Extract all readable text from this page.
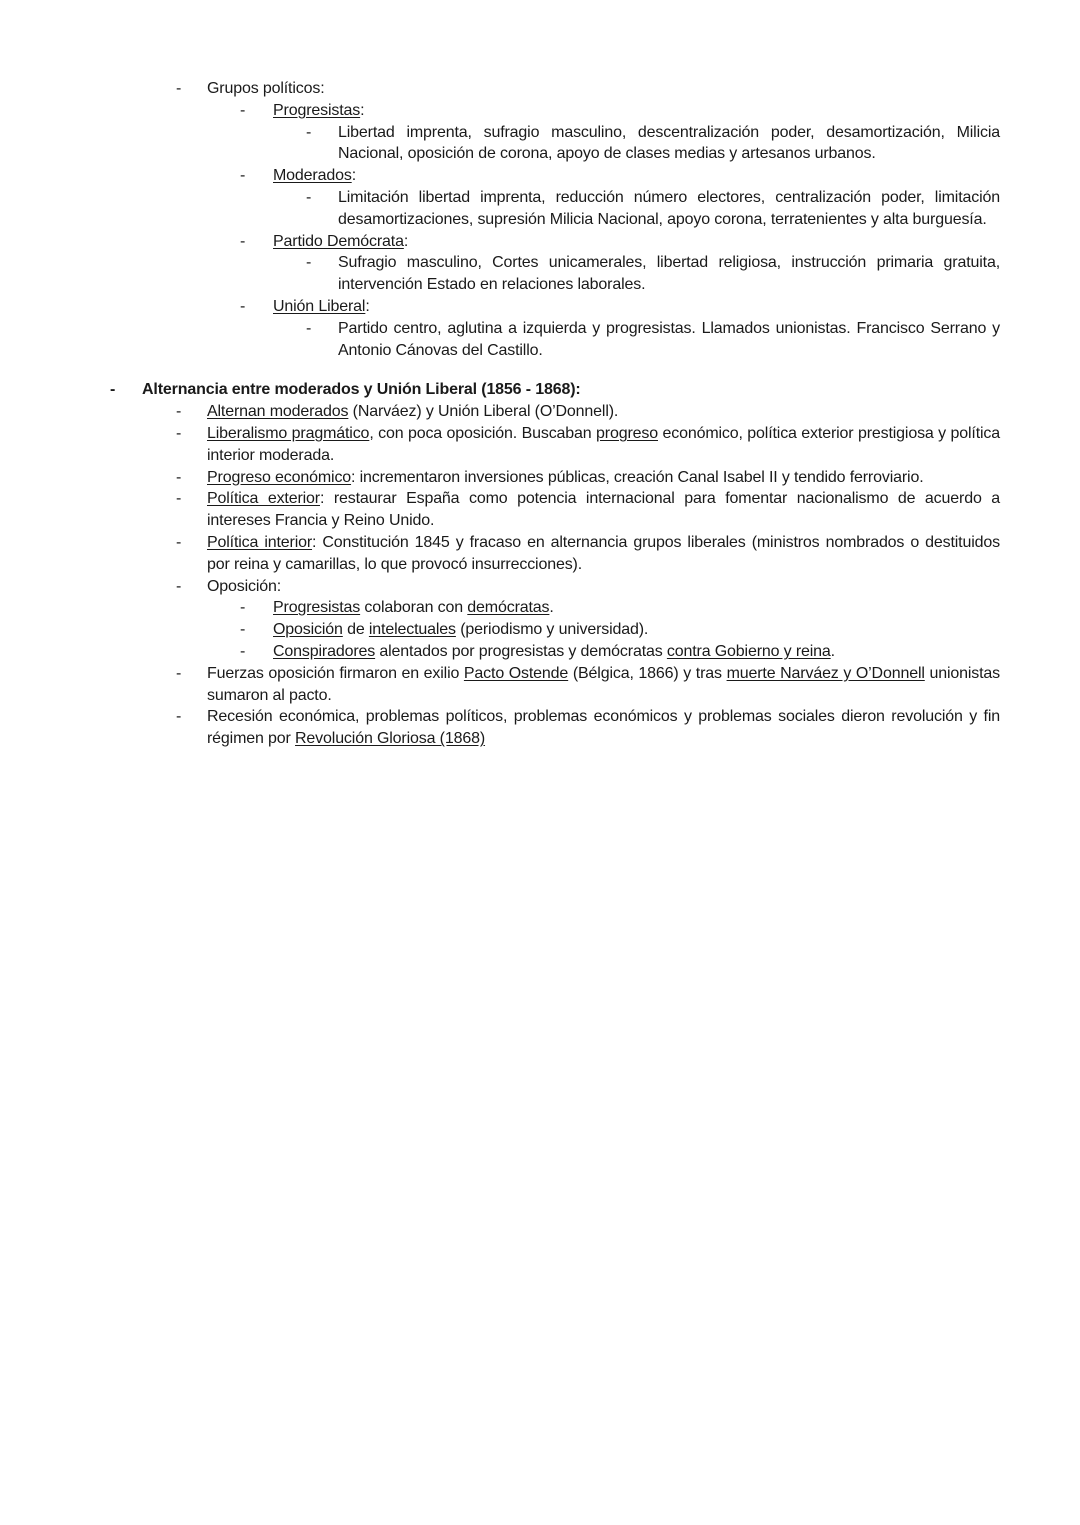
- Grupos políticos:
- Progresistas:
- Libertad imprenta, sufragio masculino, descentralización poder, desamortización, Milicia Nacional, oposición de corona, apoyo de clases medias y artesanos urbanos.
- Moderados:
- Limitación libertad imprenta, reducción número electores, centralización poder, limitación desamortizaciones, supresión Milicia Nacional, apoyo corona, terratenientes y alta burguesía.
- Partido Demócrata:
- Sufragio masculino, Cortes unicamerales, libertad religiosa, instrucción primaria gratuita, intervención Estado en relaciones laborales.
- Unión Liberal:
- Partido centro, aglutina a izquierda y progresistas. Llamados unionistas. Francisco Serrano y Antonio Cánovas del Castillo.
- Alternancia entre moderados y Unión Liberal (1856 - 1868):
- Alternan moderados (Narváez) y Unión Liberal (O’Donnell).
- Liberalismo pragmático, con poca oposición. Buscaban progreso económico, política exterior prestigiosa y política interior moderada.
- Progreso económico: incrementaron inversiones públicas, creación Canal Isabel II y tendido ferroviario.
- Política exterior: restaurar España como potencia internacional para fomentar nacionalismo de acuerdo a intereses Francia y Reino Unido.
- Política interior: Constitución 1845 y fracaso en alternancia grupos liberales (ministros nombrados o destituidos por reina y camarillas, lo que provocó insurrecciones).
- Oposición:
- Progresistas colaboran con demócratas.
- Oposición de intelectuales (periodismo y universidad).
- Conspiradores alentados por progresistas y demócratas contra Gobierno y reina.
- Fuerzas oposición firmaron en exilio Pacto Ostende (Bélgica, 1866) y tras muerte Narváez y O’Donnell unionistas sumaron al pacto.
- Recesión económica, problemas políticos, problemas económicos y problemas sociales dieron revolución y fin régimen por Revolución Gloriosa (1868)
